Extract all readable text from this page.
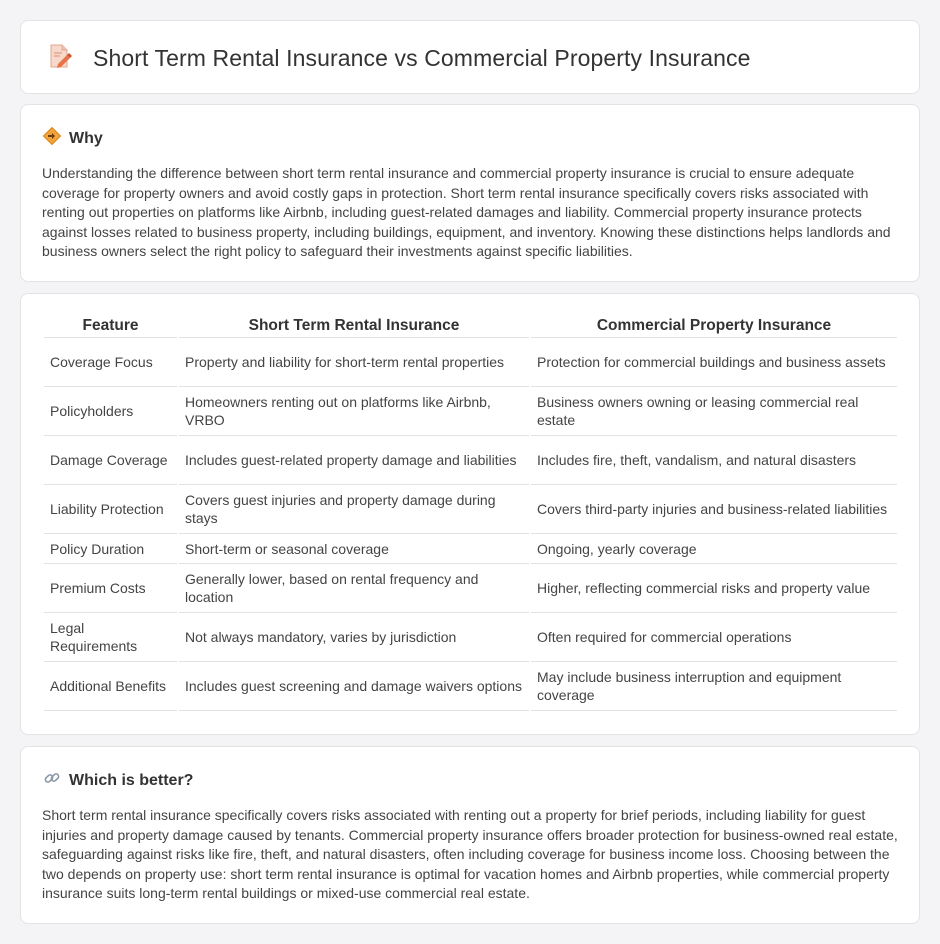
Short Term Rental Insurance vs Commercial Property Insurance
Why

Understanding the difference between short term rental insurance and commercial property insurance is crucial to ensure adequate coverage for property owners and avoid costly gaps in protection. Short term rental insurance specifically covers risks associated with renting out properties on platforms like Airbnb, including guest-related damages and liability. Commercial property insurance protects against losses related to business property, including buildings, equipment, and inventory. Knowing these distinctions helps landlords and business owners select the right policy to safeguard their investments against specific liabilities.

Feature	Short Term Rental Insurance	Commercial Property Insurance
Coverage Focus	Property and liability for short-term rental properties	Protection for commercial buildings and business assets
Policyholders	Homeowners renting out on platforms like Airbnb, VRBO	Business owners owning or leasing commercial real estate
Damage Coverage	Includes guest-related property damage and liabilities	Includes fire, theft, vandalism, and natural disasters
Liability Protection	Covers guest injuries and property damage during stays	Covers third-party injuries and business-related liabilities
Policy Duration	Short-term or seasonal coverage	Ongoing, yearly coverage
Premium Costs	Generally lower, based on rental frequency and location	Higher, reflecting commercial risks and property value
Legal Requirements	Not always mandatory, varies by jurisdiction	Often required for commercial operations
Additional Benefits	Includes guest screening and damage waivers options	May include business interruption and equipment coverage
Which is better?

Short term rental insurance specifically covers risks associated with renting out a property for brief periods, including liability for guest injuries and property damage caused by tenants. Commercial property insurance offers broader protection for business-owned real estate, safeguarding against risks like fire, theft, and natural disasters, often including coverage for business income loss. Choosing between the two depends on property use: short term rental insurance is optimal for vacation homes and Airbnb properties, while commercial property insurance suits long-term rental buildings or mixed-use commercial real estate.
